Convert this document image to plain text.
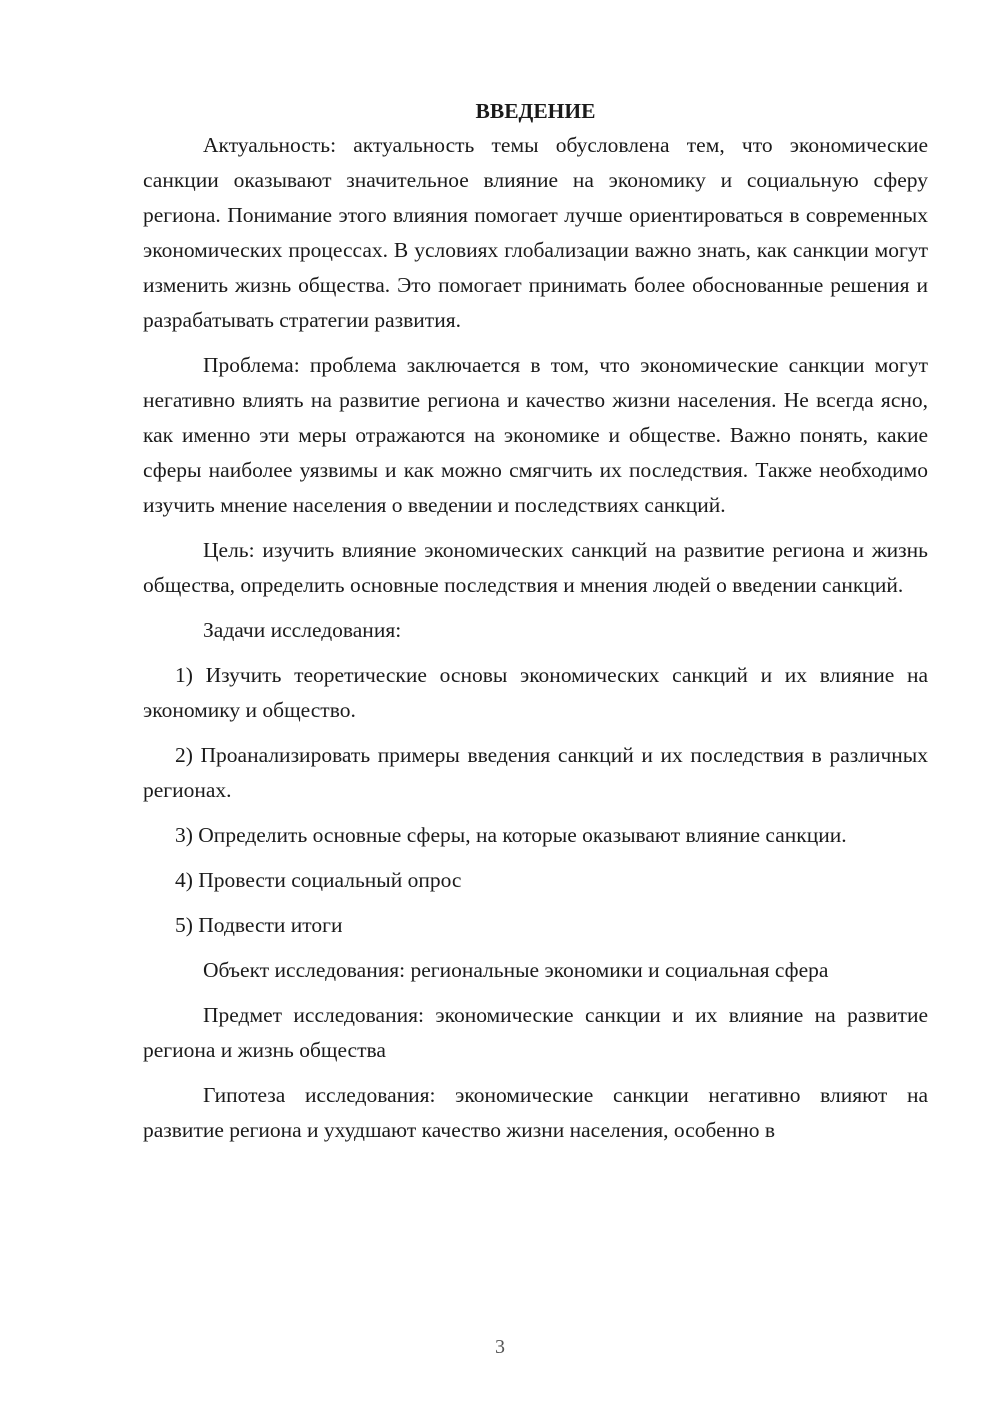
ВВЕДЕНИЕ

Актуальность: актуальность темы обусловлена тем, что экономические санкции оказывают значительное влияние на экономику и социальную сферу региона. Понимание этого влияния помогает лучше ориентироваться в современных экономических процессах. В условиях глобализации важно знать, как санкции могут изменить жизнь общества. Это помогает принимать более обоснованные решения и разрабатывать стратегии развития.

Проблема: проблема заключается в том, что экономические санкции могут негативно влиять на развитие региона и качество жизни населения. Не всегда ясно, как именно эти меры отражаются на экономике и обществе. Важно понять, какие сферы наиболее уязвимы и как можно смягчить их последствия. Также необходимо изучить мнение населения о введении и последствиях санкций.

Цель: изучить влияние экономических санкций на развитие региона и жизнь общества, определить основные последствия и мнения людей о введении санкций.

Задачи исследования:

1) Изучить теоретические основы экономических санкций и их влияние на экономику и общество.

2) Проанализировать примеры введения санкций и их последствия в различных регионах.

3) Определить основные сферы, на которые оказывают влияние санкции.

4) Провести социальный опрос

5) Подвести итоги

Объект исследования: региональные экономики и социальная сфера

Предмет исследования: экономические санкции и их влияние на развитие региона и жизнь общества

Гипотеза исследования: экономические санкции негативно влияют на развитие региона и ухудшают качество жизни населения, особенно в

3
